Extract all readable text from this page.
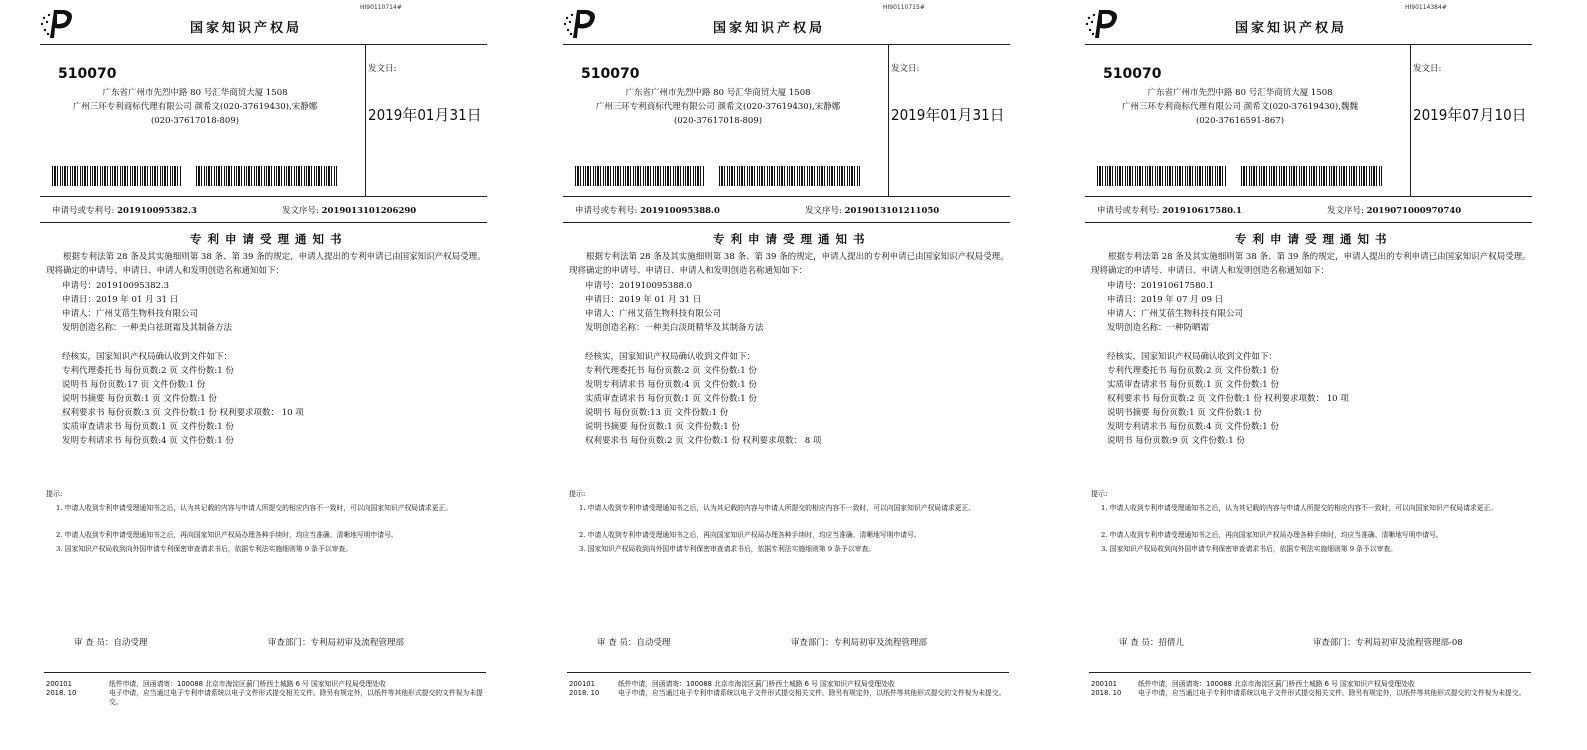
HI90110714#
国家知识产权局
510070
广东省广州市先烈中路 80 号汇华商贸大厦 1508
广州三环专利商标代理有限公司 颜希文(020-37619430),宋静娜
(020-37617018-809)
发文日:
2019年01月31日
申请号或专利号: 201910095382.3	发文序号: 2019013101206290
专利申请受理通知书
根据专利法第 28 条及其实施细则第 38 条、第 39 条的规定，申请人提出的专利申请已由国家知识产权局受理。现将确定的申请号、申请日、申请人和发明创造名称通知如下：
申请号：201910095382.3
申请日：2019 年 01 月 31 日
申请人：广州艾蓓生物科技有限公司
发明创造名称：一种美白祛斑霜及其制备方法
经核实，国家知识产权局确认收到文件如下：
专利代理委托书 每份页数:2 页 文件份数:1 份
说明书 每份页数:17 页 文件份数:1 份
说明书摘要 每份页数:1 页 文件份数:1 份
权利要求书 每份页数:3 页 文件份数:1 份 权利要求项数： 10 项
实质审查请求书 每份页数:1 页 文件份数:1 份
发明专利请求书 每份页数:4 页 文件份数:1 份
提示:
1. 申请人收到专利申请受理通知书之后，认为其记载的内容与申请人所提交的相应内容不一致时，可以向国家知识产权局请求更正。
2. 申请人收到专利申请受理通知书之后，再向国家知识产权局办理各种手续时，均应当准确、清晰地写明申请号。
3. 国家知识产权局收到向外国申请专利保密审查请求书后，依据专利法实施细则第 9 条予以审查。
审 查 员：自动受理	审查部门：专利局初审及流程管理部
200101
2018. 10
纸件申请，回函请寄：100088 北京市海淀区蓟门桥西土城路 6 号 国家知识产权局受理处收
电子申请，应当通过电子专利申请系统以电子文件形式提交相关文件。除另有规定外，以纸件等其他形式提交的文件视为未提交。
HI90110715#
国家知识产权局
510070
广东省广州市先烈中路 80 号汇华商贸大厦 1508
广州三环专利商标代理有限公司 颜希文(020-37619430),宋静娜
(020-37617018-809)
发文日:
2019年01月31日
申请号或专利号: 201910095388.0	发文序号: 2019013101211050
专利申请受理通知书
根据专利法第 28 条及其实施细则第 38 条、第 39 条的规定，申请人提出的专利申请已由国家知识产权局受理。现将确定的申请号、申请日、申请人和发明创造名称通知如下：
申请号：201910095388.0
申请日：2019 年 01 月 31 日
申请人：广州艾蓓生物科技有限公司
发明创造名称：一种美白淡斑精华及其制备方法
经核实，国家知识产权局确认收到文件如下：
专利代理委托书 每份页数:2 页 文件份数:1 份
发明专利请求书 每份页数:4 页 文件份数:1 份
实质审查请求书 每份页数:1 页 文件份数:1 份
说明书 每份页数:13 页 文件份数:1 份
说明书摘要 每份页数:1 页 文件份数:1 份
权利要求书 每份页数:2 页 文件份数:1 份 权利要求项数： 8 项
提示:
1. 申请人收到专利申请受理通知书之后，认为其记载的内容与申请人所提交的相应内容不一致时，可以向国家知识产权局请求更正。
2. 申请人收到专利申请受理通知书之后，再向国家知识产权局办理各种手续时，均应当准确、清晰地写明申请号。
3. 国家知识产权局收到向外国申请专利保密审查请求书后，依据专利法实施细则第 9 条予以审查。
审 查 员：自动受理	审查部门：专利局初审及流程管理部
200101
2018. 10
纸件申请，回函请寄：100088 北京市海淀区蓟门桥西土城路 6 号 国家知识产权局受理处收
电子申请，应当通过电子专利申请系统以电子文件形式提交相关文件。除另有规定外，以纸件等其他形式提交的文件视为未提交。
HI90114384#
国家知识产权局
510070
广东省广州市先烈中路 80 号汇华商贸大厦 1508
广州三环专利商标代理有限公司 颜希文(020-37619430),魏魏
(020-37616591-867)
发文日:
2019年07月10日
申请号或专利号: 201910617580.1	发文序号: 2019071000970740
专利申请受理通知书
根据专利法第 28 条及其实施细则第 38 条、第 39 条的规定，申请人提出的专利申请已由国家知识产权局受理。现将确定的申请号、申请日、申请人和发明创造名称通知如下：
申请号：201910617580.1
申请日：2019 年 07 月 09 日
申请人：广州艾蓓生物科技有限公司
发明创造名称：一种防晒霜
经核实，国家知识产权局确认收到文件如下：
专利代理委托书 每份页数:2 页 文件份数:1 份
实质审查请求书 每份页数:1 页 文件份数:1 份
权利要求书 每份页数:2 页 文件份数:1 份 权利要求项数： 10 项
说明书摘要 每份页数:1 页 文件份数:1 份
发明专利请求书 每份页数:4 页 文件份数:1 份
说明书 每份页数:9 页 文件份数:1 份
提示:
1. 申请人收到专利申请受理通知书之后，认为其记载的内容与申请人所提交的相应内容不一致时，可以向国家知识产权局请求更正。
2. 申请人收到专利申请受理通知书之后，再向国家知识产权局办理各种手续时，均应当准确、清晰地写明申请号。
3. 国家知识产权局收到向外国申请专利保密审查请求书后，依据专利法实施细则第 9 条予以审查。
审 查 员：招倩儿	审查部门：专利局初审及流程管理部-08
200101
2018. 10
纸件申请，回函请寄：100088 北京市海淀区蓟门桥西土城路 6 号 国家知识产权局受理处收
电子申请，应当通过电子专利申请系统以电子文件形式提交相关文件。除另有规定外，以纸件等其他形式提交的文件视为未提交。
